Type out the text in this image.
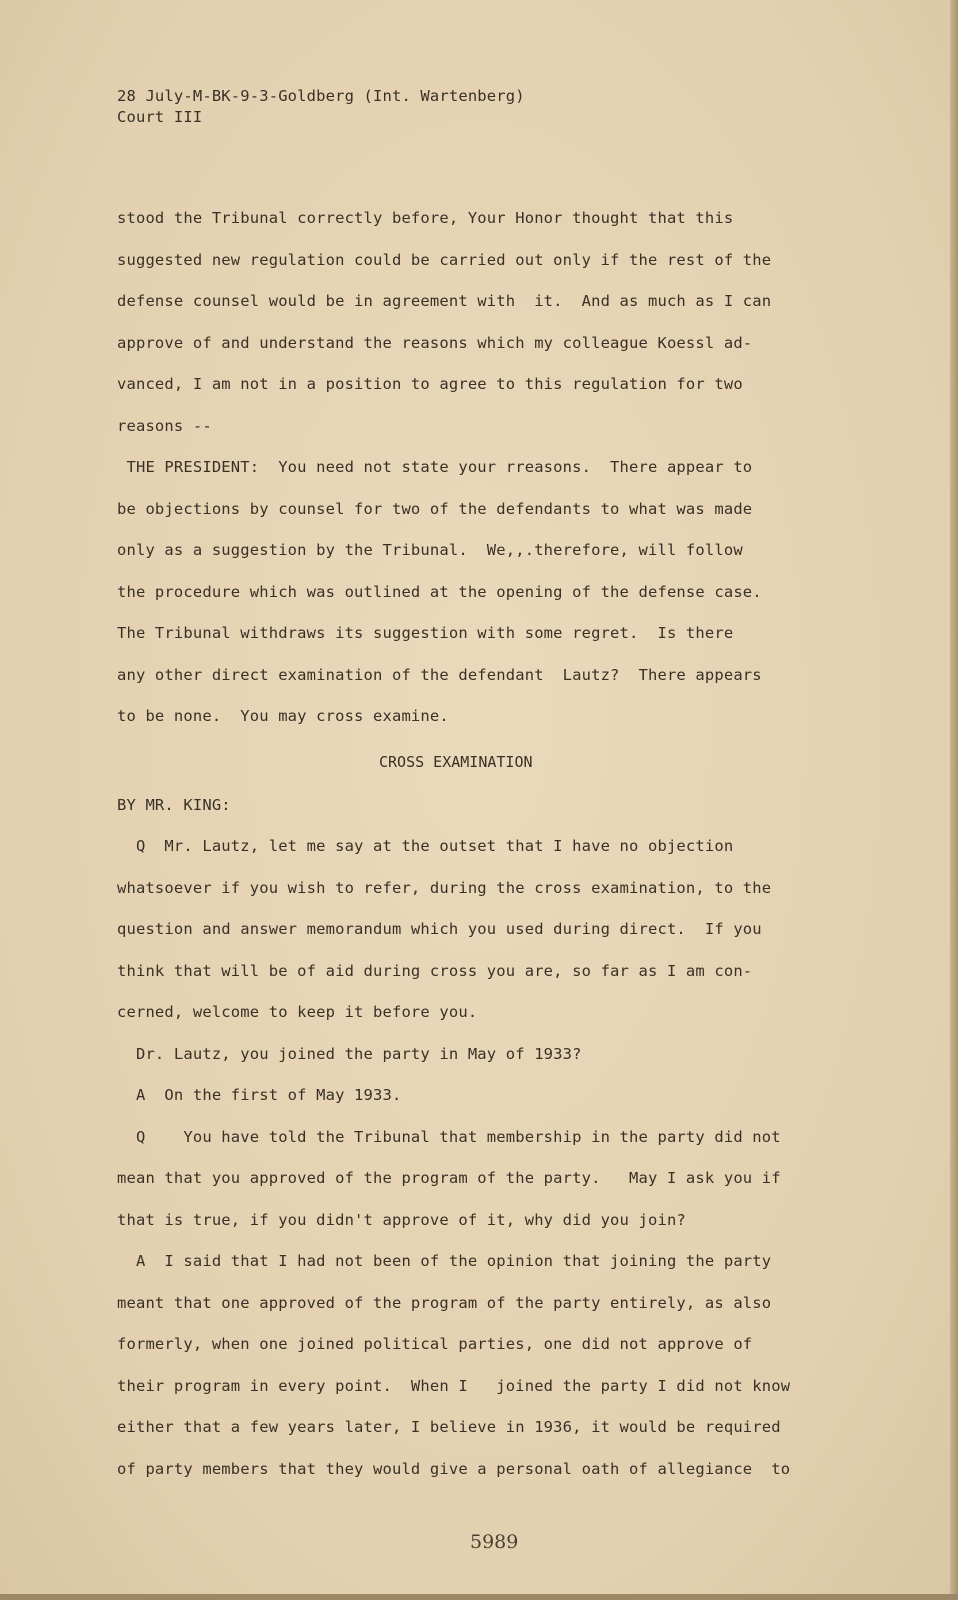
28 July-M-BK-9-3-Goldberg (Int. Wartenberg)
Court III
stood the Tribunal correctly before, Your Honor thought that this
suggested new regulation could be carried out only if the rest of the
defense counsel would be in agreement with  it.  And as much as I can
approve of and understand the reasons which my colleague Koessl ad-
vanced, I am not in a position to agree to this regulation for two
reasons --
THE PRESIDENT:  You need not state your rreasons.  There appear to
be objections by counsel for two of the defendants to what was made
only as a suggestion by the Tribunal.  We,,.therefore, will follow
the procedure which was outlined at the opening of the defense case.
The Tribunal withdraws its suggestion with some regret.  Is there
any other direct examination of the defendant  Lautz?  There appears
to be none.  You may cross examine.
CROSS EXAMINATION
BY MR. KING:
Q  Mr. Lautz, let me say at the outset that I have no objection
whatsoever if you wish to refer, during the cross examination, to the
question and answer memorandum which you used during direct.  If you
think that will be of aid during cross you are, so far as I am con-
cerned, welcome to keep it before you.
Dr. Lautz, you joined the party in May of 1933?
A  On the first of May 1933.
Q    You have told the Tribunal that membership in the party did not
mean that you approved of the program of the party.   May I ask you if
that is true, if you didn't approve of it, why did you join?
A  I said that I had not been of the opinion that joining the party
meant that one approved of the program of the party entirely, as also
formerly, when one joined political parties, one did not approve of
their program in every point.  When I   joined the party I did not know
either that a few years later, I believe in 1936, it would be required
of party members that they would give a personal oath of allegiance  to
5989
